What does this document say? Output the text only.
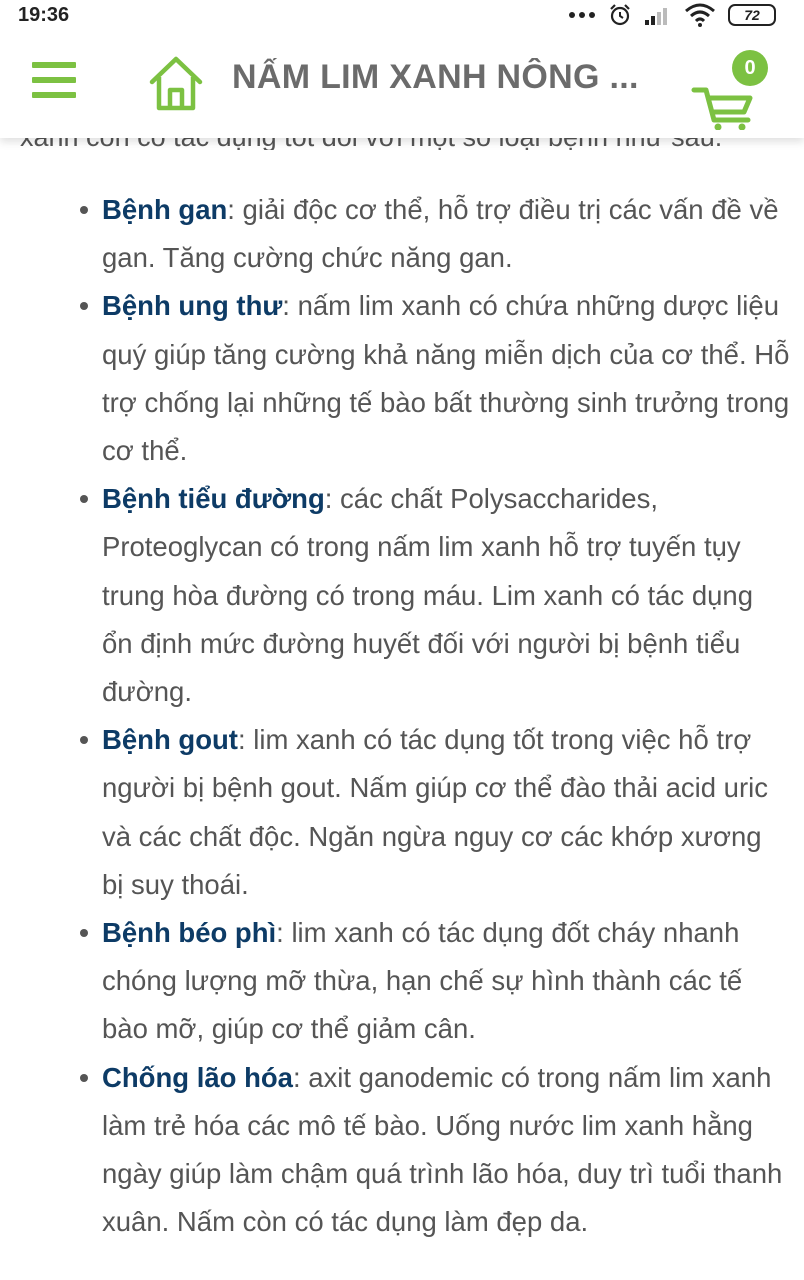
19:36	72
NẤM LIM XANH NÔNG ...	0
Bệnh gan: giải độc cơ thể, hỗ trợ điều trị các vấn đề về gan. Tăng cường chức năng gan.
Bệnh ung thư: nấm lim xanh có chứa những dược liệu quý giúp tăng cường khả năng miễn dịch của cơ thể. Hỗ trợ chống lại những tế bào bất thường sinh trưởng trong cơ thể.
Bệnh tiểu đường: các chất Polysaccharides, Proteoglycan có trong nấm lim xanh hỗ trợ tuyến tụy trung hòa đường có trong máu. Lim xanh có tác dụng ổn định mức đường huyết đối với người bị bệnh tiểu đường.
Bệnh gout: lim xanh có tác dụng tốt trong việc hỗ trợ người bị bệnh gout. Nấm giúp cơ thể đào thải acid uric và các chất độc. Ngăn ngừa nguy cơ các khớp xương bị suy thoái.
Bệnh béo phì: lim xanh có tác dụng đốt cháy nhanh chóng lượng mỡ thừa, hạn chế sự hình thành các tế bào mỡ, giúp cơ thể giảm cân.
Chống lão hóa: axit ganodemic có trong nấm lim xanh làm trẻ hóa các mô tế bào. Uống nước lim xanh hằng ngày giúp làm chậm quá trình lão hóa, duy trì tuổi thanh xuân. Nấm còn có tác dụng làm đẹp da.
